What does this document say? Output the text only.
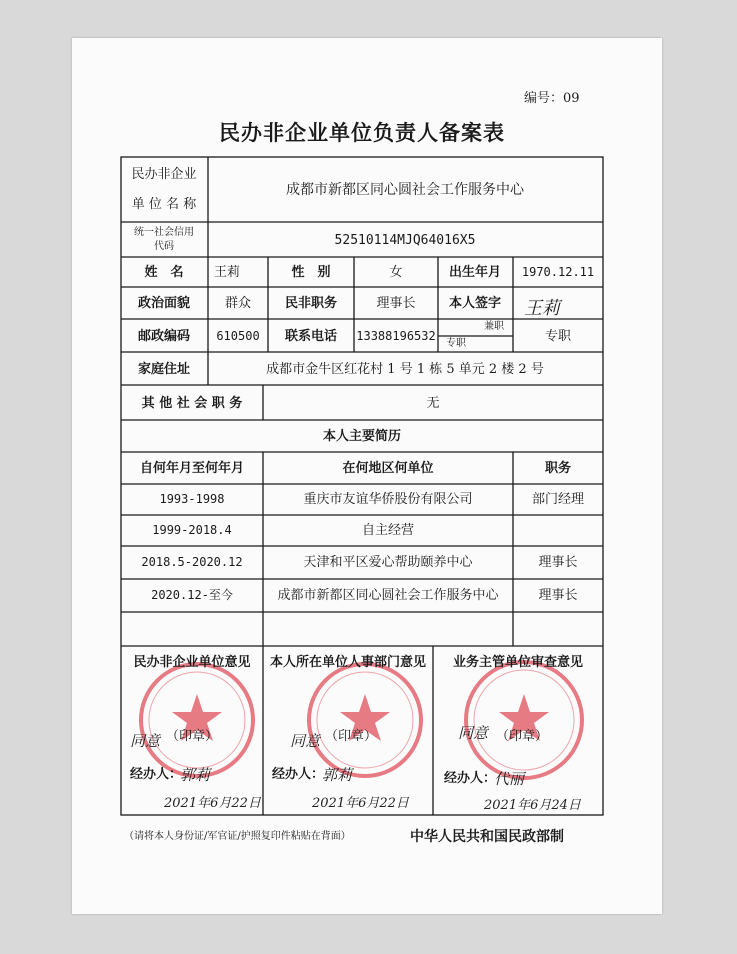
编号：09
民办非企业单位负责人备案表
民办非企业
单 位 名 称
成都市新都区同心圆社会工作服务中心
统一社会信用
代码	52510114MJQ64016X5
姓　名 王莉	性　别	女	出生年月 1970.12.11
政治面貌	群众	民非职务	理事长	本人签字 王莉
邮政编码 610500 联系电话 13388196532
兼职
专职	专职
家庭住址	成都市金牛区红花村 1 号 1 栋 5 单元 2 楼 2 号
其 他 社 会 职 务	无
本人主要简历
自何年月至何年月	在何地区何单位	职务
1993-1998	重庆市友谊华侨股份有限公司	部门经理
1999-2018.4	自主经营
2018.5-2020.12	天津和平区爱心帮助颐养中心	理事长
2020.12-至今	成都市新都区同心圆社会工作服务中心	理事长
民办非企业单位意见 本人所在单位人事部门意见 业务主管单位审查意见
同意 （印章）
经办人：
郭莉
2021年6月22日
同意 （印章）
经办人：
郭莉
2021年6月22日
同意 （印章）
经办人：
代丽
2021年6月24日
（请将本人身份证/军官证/护照复印件粘贴在背面）	中华人民共和国民政部制
